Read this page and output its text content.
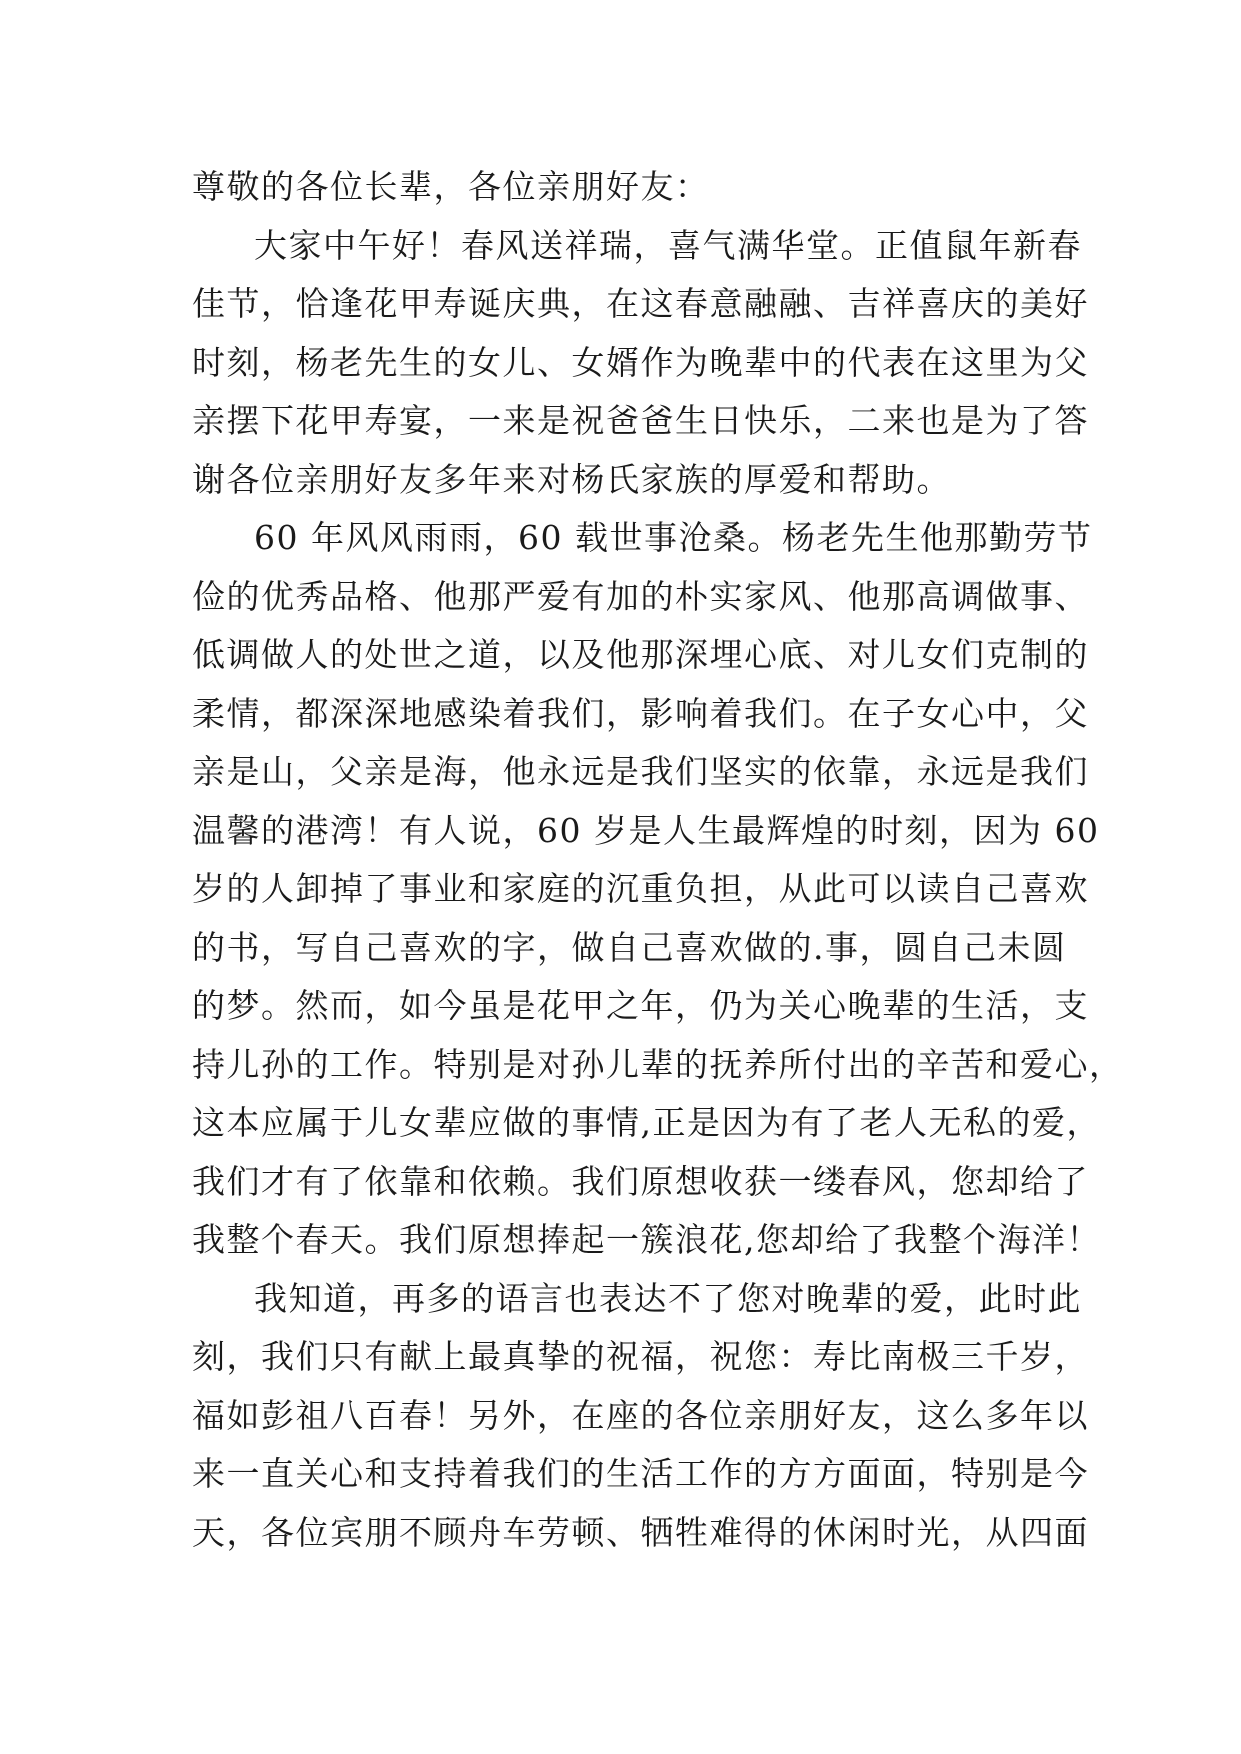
尊敬的各位长辈，各位亲朋好友：
大家中午好！春风送祥瑞，喜气满华堂。正值鼠年新春
佳节，恰逢花甲寿诞庆典，在这春意融融、吉祥喜庆的美好
时刻，杨老先生的女儿、女婿作为晚辈中的代表在这里为父
亲摆下花甲寿宴，一来是祝爸爸生日快乐，二来也是为了答
谢各位亲朋好友多年来对杨氏家族的厚爱和帮助。
60 年风风雨雨，60 载世事沧桑。杨老先生他那勤劳节
俭的优秀品格、他那严爱有加的朴实家风、他那高调做事、
低调做人的处世之道，以及他那深埋心底、对儿女们克制的
柔情，都深深地感染着我们，影响着我们。在子女心中，父
亲是山，父亲是海，他永远是我们坚实的依靠，永远是我们
温馨的港湾！有人说，60 岁是人生最辉煌的时刻，因为 60
岁的人卸掉了事业和家庭的沉重负担，从此可以读自己喜欢
的书，写自己喜欢的字，做自己喜欢做的.事，圆自己未圆
的梦。然而，如今虽是花甲之年，仍为关心晚辈的生活，支
持儿孙的工作。特别是对孙儿辈的抚养所付出的辛苦和爱心，
这本应属于儿女辈应做的事情,正是因为有了老人无私的爱，
我们才有了依靠和依赖。我们原想收获一缕春风，您却给了
我整个春天。我们原想捧起一簇浪花,您却给了我整个海洋！
我知道，再多的语言也表达不了您对晚辈的爱，此时此
刻，我们只有献上最真挚的祝福，祝您：寿比南极三千岁，
福如彭祖八百春！另外，在座的各位亲朋好友，这么多年以
来一直关心和支持着我们的生活工作的方方面面，特别是今
天，各位宾朋不顾舟车劳顿、牺牲难得的休闲时光，从四面
